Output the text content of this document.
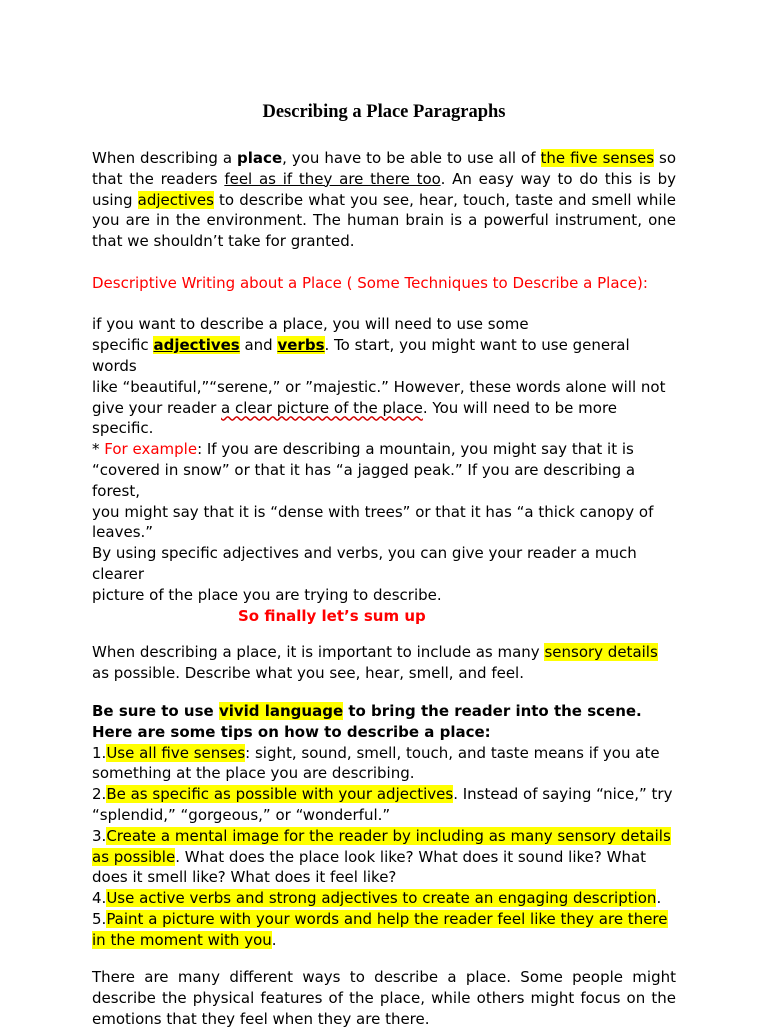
Describing a Place Paragraphs

When describing a place, you have to be able to use all of the five senses so that the readers feel as if they are there too. An easy way to do this is by using adjectives to describe what you see, hear, touch, taste and smell while you are in the environment. The human brain is a powerful instrument, one that we shouldn’t take for granted.

Descriptive Writing about a Place ( Some Techniques to Describe a Place):

if you want to describe a place, you will need to use some
specific adjectives and verbs. To start, you might want to use general words
like “beautiful,”“serene,” or ”majestic.” However, these words alone will not
give your reader a clear picture of the place. You will need to be more specific.
* For example: If you are describing a mountain, you might say that it is
“covered in snow” or that it has “a jagged peak.” If you are describing a forest,
you might say that it is “dense with trees” or that it has “a thick canopy of
leaves.”
By using specific adjectives and verbs, you can give your reader a much clearer
picture of the place you are trying to describe.

So finally let’s sum up

When describing a place, it is important to include as many sensory details as possible. Describe what you see, hear, smell, and feel.

Be sure to use vivid language to bring the reader into the scene. Here are some tips on how to describe a place:

1.Use all five senses: sight, sound, smell, touch, and taste means if you ate something at the place you are describing.

2.Be as specific as possible with your adjectives. Instead of saying “nice,” try “splendid,” “gorgeous,” or “wonderful.”

3.Create a mental image for the reader by including as many sensory details as possible. What does the place look like? What does it sound like? What does it smell like? What does it feel like?

4.Use active verbs and strong adjectives to create an engaging description.

5.Paint a picture with your words and help the reader feel like they are there in the moment with you.

There are many different ways to describe a place. Some people might describe the physical features of the place, while others might focus on the emotions that they feel when they are there.
